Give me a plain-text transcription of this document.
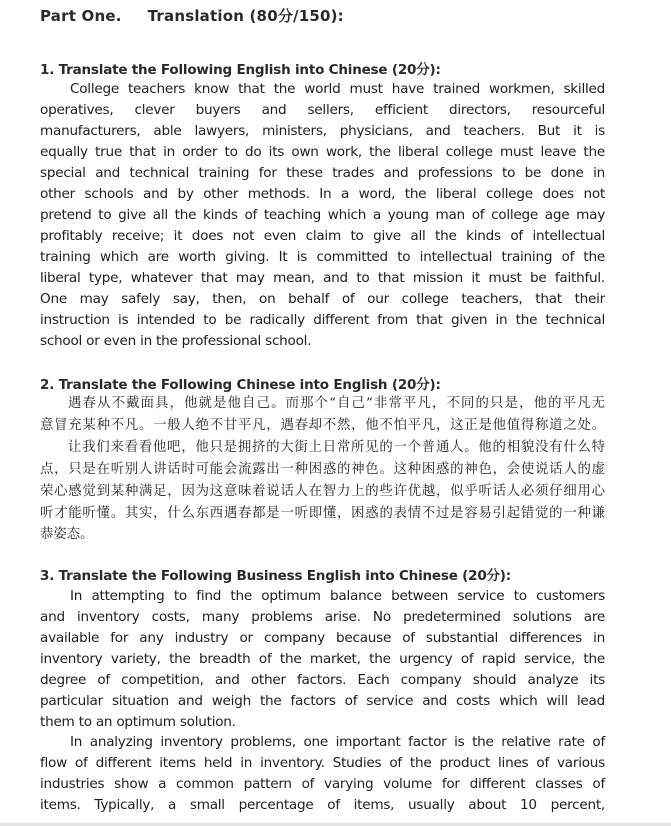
Part One. Translation (80分/150):
1. Translate the Following English into Chinese (20分):
College teachers know that the world must have trained workmen, skilled
operatives, clever buyers and sellers, efficient directors, resourceful
manufacturers, able lawyers, ministers, physicians, and teachers. But it is
equally true that in order to do its own work, the liberal college must leave the
special and technical training for these trades and professions to be done in
other schools and by other methods. In a word, the liberal college does not
pretend to give all the kinds of teaching which a young man of college age may
profitably receive; it does not even claim to give all the kinds of intellectual
training which are worth giving. It is committed to intellectual training of the
liberal type, whatever that may mean, and to that mission it must be faithful.
One may safely say, then, on behalf of our college teachers, that their
instruction is intended to be radically different from that given in the technical
school or even in the professional school.
2. Translate the Following Chinese into English (20分):
遇春从不戴面具，他就是他自己。而那个“自己”非常平凡，不同的只是，他的平凡无
意冒充某种不凡。一般人绝不甘平凡，遇春却不然，他不怕平凡，这正是他值得称道之处。
让我们来看看他吧，他只是拥挤的大街上日常所见的一个普通人。他的相貌没有什么特
点，只是在听别人讲话时可能会流露出一种困惑的神色。这种困惑的神色，会使说话人的虚
荣心感觉到某种满足，因为这意味着说话人在智力上的些许优越，似乎听话人必须仔细用心
听才能听懂。其实，什么东西遇春都是一听即懂，困惑的表情不过是容易引起错觉的一种谦
恭姿态。
3. Translate the Following Business English into Chinese (20分):
In attempting to find the optimum balance between service to customers
and inventory costs, many problems arise. No predetermined solutions are
available for any industry or company because of substantial differences in
inventory variety, the breadth of the market, the urgency of rapid service, the
degree of competition, and other factors. Each company should analyze its
particular situation and weigh the factors of service and costs which will lead
them to an optimum solution.
In analyzing inventory problems, one important factor is the relative rate of
flow of different items held in inventory. Studies of the product lines of various
industries show a common pattern of varying volume for different classes of
items. Typically, a small percentage of items, usually about 10 percent,
